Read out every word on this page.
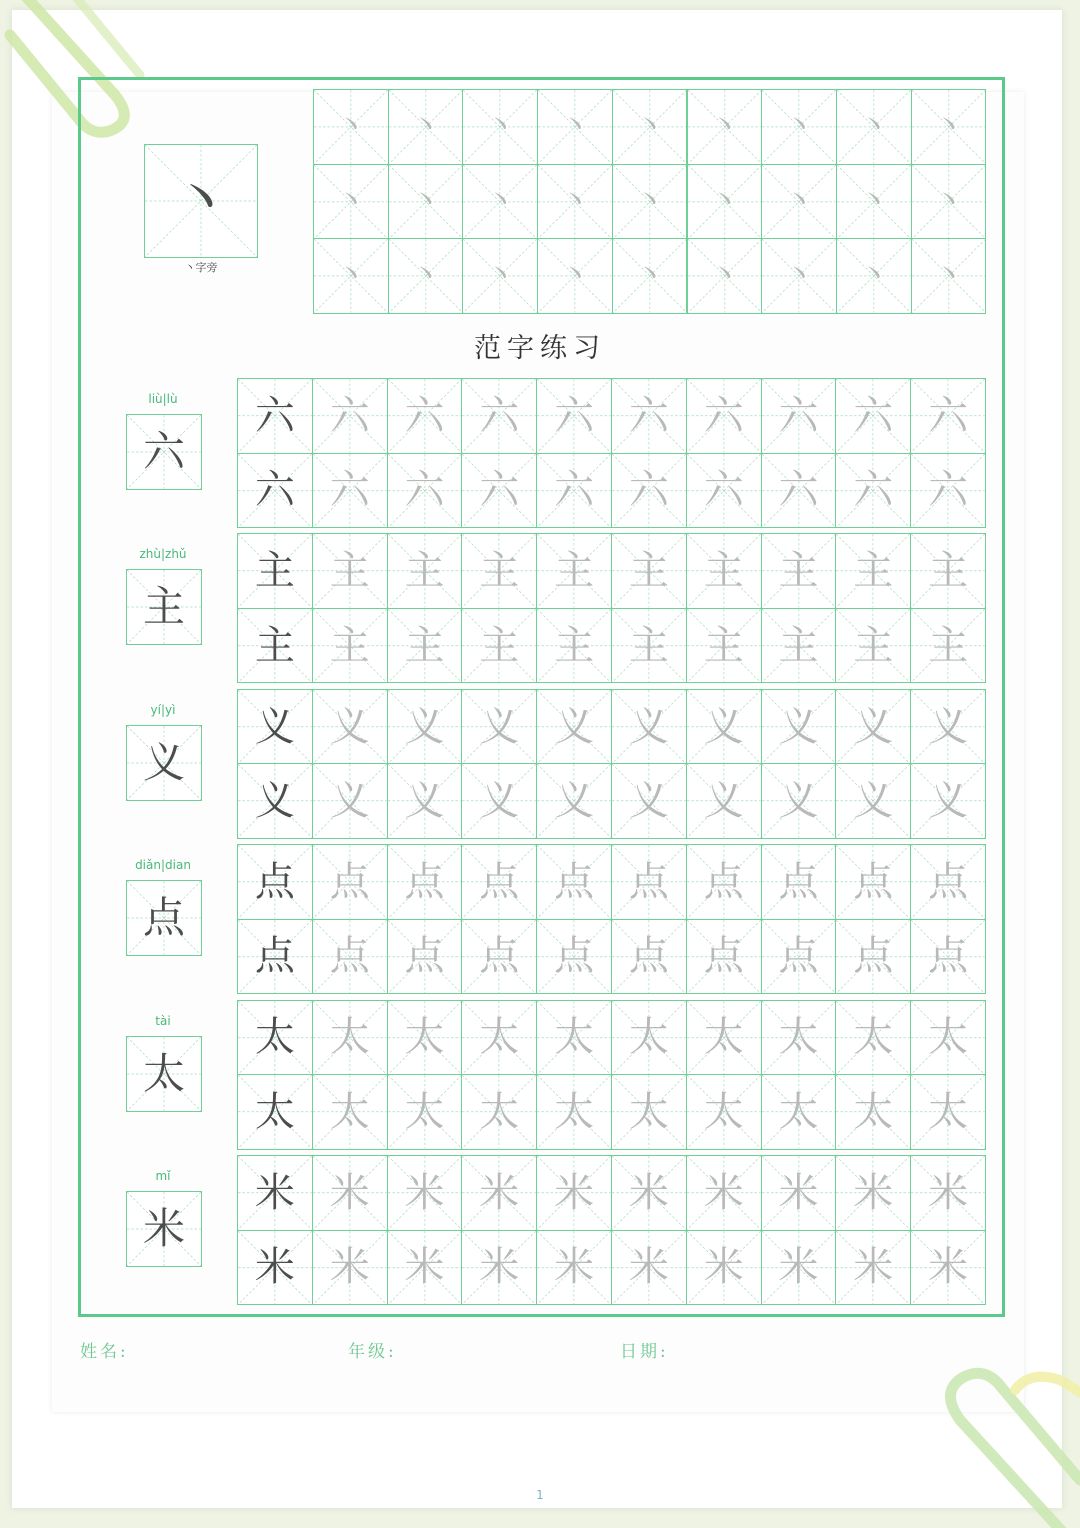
丶
丶字旁
丶 丶 丶 丶 丶 丶 丶 丶 丶
丶 丶 丶 丶 丶 丶 丶 丶 丶
丶 丶 丶 丶 丶 丶 丶 丶 丶
范字练习
liù|lù
六
六 六 六 六 六 六 六 六 六 六
六 六 六 六 六 六 六 六 六 六
zhù|zhǔ
主
主 主 主 主 主 主 主 主 主 主
主 主 主 主 主 主 主 主 主 主
yí|yì
义
义 义 义 义 义 义 义 义 义 义
义 义 义 义 义 义 义 义 义 义
diǎn|dian
点
点 点 点 点 点 点 点 点 点 点
点 点 点 点 点 点 点 点 点 点
tài
太
太 太 太 太 太 太 太 太 太 太
太 太 太 太 太 太 太 太 太 太
mǐ
米
米 米 米 米 米 米 米 米 米 米
米 米 米 米 米 米 米 米 米 米
姓名:	年级:	日期:
1
